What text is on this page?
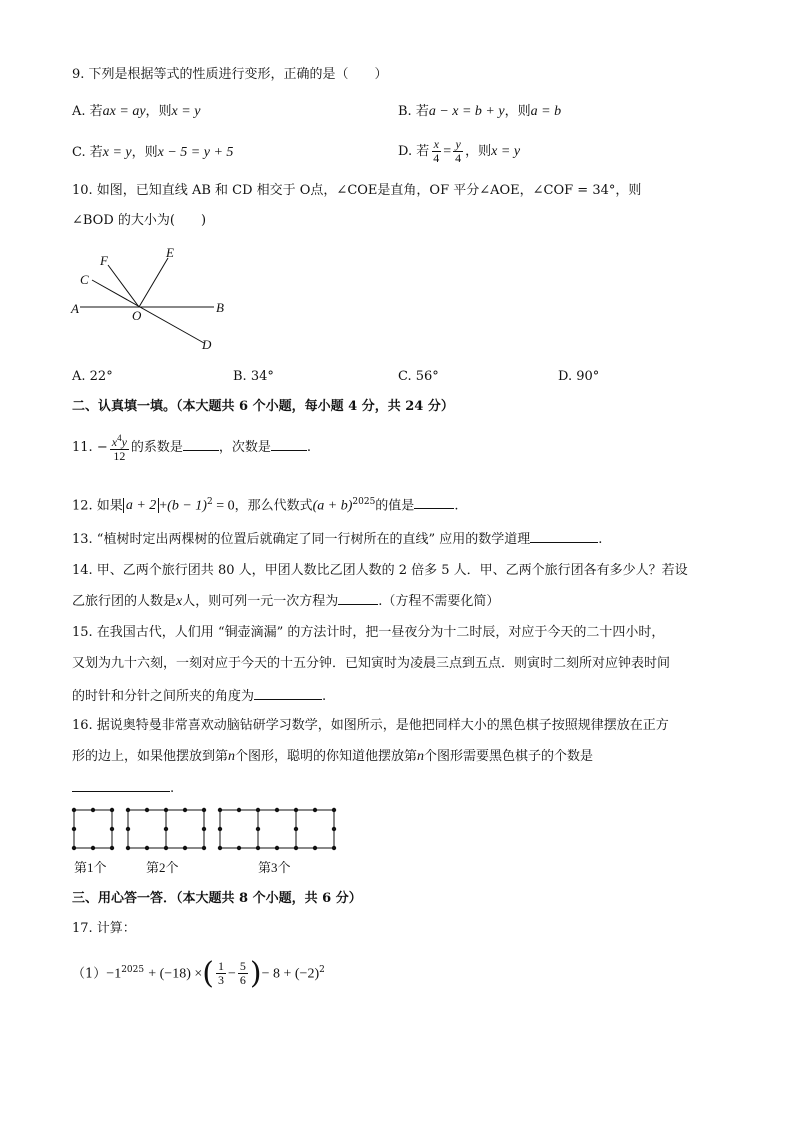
9. 下列是根据等式的性质进行变形，正确的是（　　）
A. 若ax = ay，则x = y	B. 若a − x = b + y，则a = b
C. 若x = y，则x − 5 = y + 5	D. 若 $\frac{x}{4} = \frac{y}{4}$ ，则x = y
10. 如图，已知直线 AB 和 CD 相交于 O点，∠COE是直角，OF 平分∠AOE，∠COF = 34°，则
∠BOD 的大小为(　　)
A	B
C
D
E
F
O
A. 22°	B. 34°	C. 56°	D. 90°
二、认真填一填。（本大题共 6 个小题，每小题 4 分，共 24 分）
11. − $\frac{x^4y}{12}$ 的系数是	，次数是	.
12. 如果 $a + 2 +(b - 1)^2 = 0$，那么代数式$(a + b)^{2025}$的值是	.
13. “植树时定出两棵树的位置后就确定了同一行树所在的直线” 应用的数学道理	.
14. 甲、乙两个旅行团共 80 人，甲团人数比乙团人数的 2 倍多 5 人．甲、乙两个旅行团各有多少人？若设
乙旅行团的人数是x人，则可列一元一次方程为	.（方程不需要化简）
15. 在我国古代，人们用 “铜壶滴漏” 的方法计时，把一昼夜分为十二时辰，对应于今天的二十四小时，
又划为九十六刻，一刻对应于今天的十五分钟．已知寅时为凌晨三点到五点．则寅时二刻所对应钟表时间
的时针和分针之间所夹的角度为	.
16. 据说奥特曼非常喜欢动脑钻研学习数学，如图所示，是他把同样大小的黑色棋子按照规律摆放在正方
形的边上，如果他摆放到第n个图形，聪明的你知道他摆放第n个图形需要黑色棋子的个数是
.
第1个	第2个	第3个
三、用心答一答．（本大题共 8 个小题，共 6 分）
17. 计算：
$(1)-1^{2025} + (-18)$ ×( $\frac{1}{3} - \frac{5}{6}$ )− $8 + (-2)^2$
